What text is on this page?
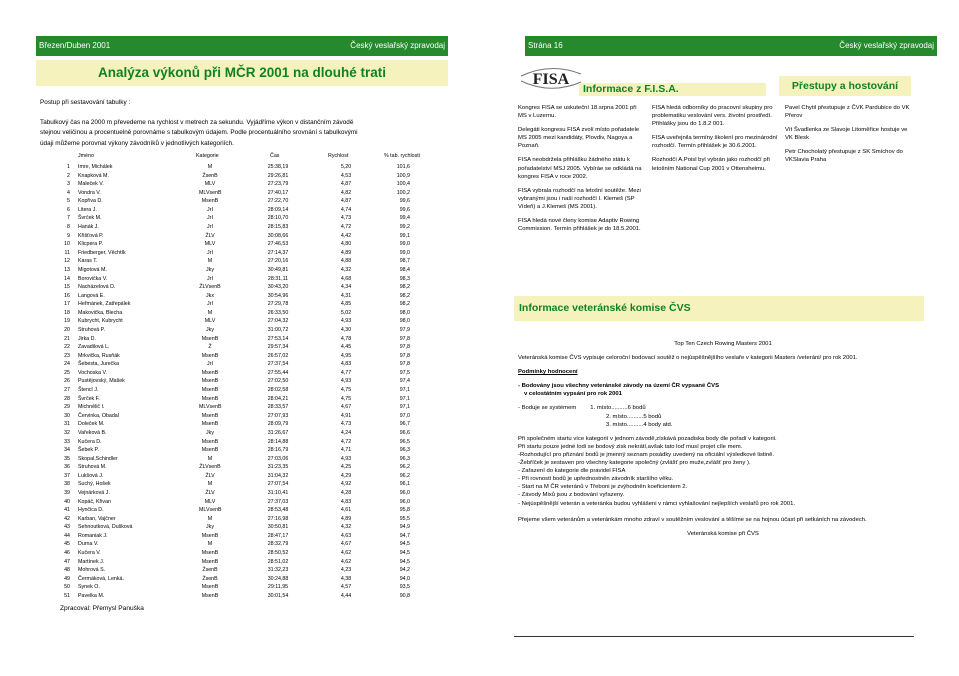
Březen/Duben 2001	Český veslařský zpravodaj
Analýza výkonů při MČR 2001 na dlouhé trati

Postup při sestavování tabulky :

Tabulkový čas na 2000 m převedeme na rychlost v metrech za sekundu. Vyjádříme výkon v distančním závodě stejnou veličinou a procentuelně porovnáme s tabulkovým údajem. Podle procentuálního srovnání s tabulkovými údaji můžeme porovnat výkony závodníků v jednotlivých kategoriích.

Jméno	Kategorie	Čas	Rychlost	% tab. rychlosti
1 Imre, Michálek	M	25:38,19	5,20	101,6
2 Knapková M.	ŽsenB	29:26,81	4,53	100,9
3 Maleček V.	MLV	27:23,79	4,87	100,4
4 Vondra V.	MLVsenB	27:40,17	4,82	100,2
5 Kopřiva D.	MsenB	27:22,70	4,87	99,6
6 Litera J.	JrI	28:09,14	4,74	99,6
7 Švrček M.	JrI	28:10,70	4,73	99,4
8 Hanák J.	JrI	28:15,83	4,72	99,2
9 Křišťová P.	ŽLV	30:08,66	4,42	99,1
10 Klicpera P.	MLV	27:46,53	4,80	99,0
11 Friedberger, Věchtík	JrI	27:14,37	4,89	99,0
12 Karas T.	M	27:20,16	4,88	98,7
13 Migotová M.	Jky	30:49,81	4,32	98,4
14 Borovička V.	JrI	28:31,11	4,68	98,3
15 Nacházelová D.	ŽLVsenB	30:43,20	4,34	98,2
16 Langová E.	Jkx	30:54,96	4,31	98,2
17 Heřmánek, Zatřepálek	JrI	27:29,78	4,85	98,2
18 Makovička, Blecha	M	26:33,50	5,02	98,0
19 Kubrycht, Kubrycht	MLV	27:04,32	4,93	98,0
20 Struhová P.	Jky	31:00,72	4,30	97,9
21 Jirka D.	MsenB	27:53,14	4,78	97,8
22 Zavadilová L.	Ž	29:57,34	4,45	97,8
23 Mrkvička, Rusňák	MsenB	26:57,02	4,95	97,8
24 Šebesta, Jurečka	JrI	27:37,54	4,83	97,8
25 Vochoska V.	MsenB	27:55,44	4,77	97,5
26 Pustějovský, Mašek	MsenB	27:02,50	4,93	97,4
27 Štencl J.	MsenB	28:02,58	4,75	97,1
28 Švrček F.	MsenB	28:04,21	4,75	97,1
29 Michnělič I.	MLVsenB	28:33,57	4,67	97,1
30 Červinka, Obadal	MsenB	27:07,93	4,91	97,0
31 Doleček M.	MsenB	28:09,79	4,73	96,7
32 Vařeková B.	Jky	31:26,67	4,24	96,6
33 Kučera D.	MsenB	28:14,88	4,72	96,5
34 Šebek P.	MsenB	28:16,79	4,71	96,3
35 Skopal,Schindler	M	27:03,06	4,93	96,3
36 Struhová M.	ŽLVsenB	31:23,35	4,25	96,2
37 Lukšová J.	ŽLV	31:04,32	4,29	96,2
38 Suchý, Hošek	M	27:07,54	4,92	96,1
39 Vejnárková J.	ŽLV	31:10,41	4,28	96,0
40 Kopáč, Křivan	MLV	27:37,03	4,83	96,0
41 Hynčica D.	MLVsenB	28:53,48	4,61	95,8
42 Karban, Vajčner	M	27:16,98	4,89	95,5
43 Sehnoutková, Dušková	Jky	30:50,81	4,32	94,9
44 Romaniak J.	MsenB	28:47,17	4,63	94,7
45 Durna V.	M	28:32,79	4,67	94,5
46 Kučera V.	MsenB	28:50,52	4,62	94,5
47 Martínek J.	MsenB	28:51,02	4,62	94,5
48 Mohrová S.	ŽsenB	31:32,23	4,23	94,2
49 Čermáková, Lenká.	ŽsenB	30:24,88	4,38	94,0
50 Synek O.	MsenB	29:11,95	4,57	93,5
51 Pavelka M.	MsenB	30:01,54	4,44	90,8
Zpracoval: Přemysl Panuška
Strána 16	Český veslařský zpravodaj
FISA
Informace z F.I.S.A.	Přestupy a hostování

Kongres FISA se uskuteční 18.srpna 2001 při MS v Luzernu.

Delegáti kongresu FISA zvolí místo pořadatele MS 2005 mezi kandidáty, Plovdiv, Nagoya a Poznaň.

FISA neobdržela přihlášku žádného státu k pořadatelství MSJ 2005. Vybíráe se odkládá na kongres FISA v roce 2002.

FISA vybrala rozhodčí na letošní soutěže. Mezi vybranými jsou i naši rozhodčí I. Klemeš (SP Vídeň) a J.Klemeš (MS 2001).

FISA hledá nové členy komise Adaptiv Rowing Commission. Termín přihlášek je do 18.5.2001.

FISA hledá odborníky do pracovní skupiny pro problematiku veslování vers. životní prostředí. Přihlášky jsou do 1.8.2 001.

FISA uveřejnila termíny školení pro mezinárodní rozhodčí. Termín přihlášek je 30.6.2001.

Rozhodčí A.Poisl byl vybrán jako rozhodčí při letošním National Cup 2001 v Ottensheimu.

Pavel Chytil přestupuje z ČVK Pardubice do VK Přerov

Vít Švadlenka ze Slavoje Litoměřice hostuje ve VK Blesk

Petr Chocholatý přestupuje z SK Smíchov do VKSlavia Praha

Informace veteránské komise ČVS

Top Ten Czech Rowing Masters 2001

Veteránská komise ČVS vypisuje celoroční bodovací soutěž o nejúspěšnějšího veslaře v kategorii Masters /veteráni/ pro rok 2001.

Podmínky hodnocení

- Bodovány jsou všechny veteránské závody na území ČR vypsané ČVS

v celostátním vypsání pro rok 2001

- Boduje se systémem 1. místo..........6 bodů

2. místo..........5 bodů

3. místo..........4 body atd.

Při společném startu více kategorií v jednom závodě,získává pozadiska body dle pořadí v kategorii.

Při startu pouze jedné lodi se bodový zisk nekrátí,avšak tato loď musí projet cíle mem.

-Rozhodující pro přiznání bodů je jmenný seznam posádky uvedený na oficiální výsledkové listině.

-Žebříček je sestaven pro všechny kategorie společný (zvlášť pro muže,zvlášť pro ženy ).

- Zařazení do kategorie dle pravidel FISA

- Při rovnosti bodů je upřednostněn závodník staršího věku.

- Start na M ČR veteránů v Třeboni je zvýhodněn koeficientem 2.

- Závody Mixů jsou z bodování vyřazeny.

- Nejúspěšnější veterán a veteránka budou vyhlášeni v rámci vyhlašování nejlepších veslařů pro rok 2001.

Přejeme všem veteránům a veteránkám mnoho zdraví v soutěžním veslování a těšíme se na hojnou účast při setkáních na závodech.

Veteránská komise při ČVS
